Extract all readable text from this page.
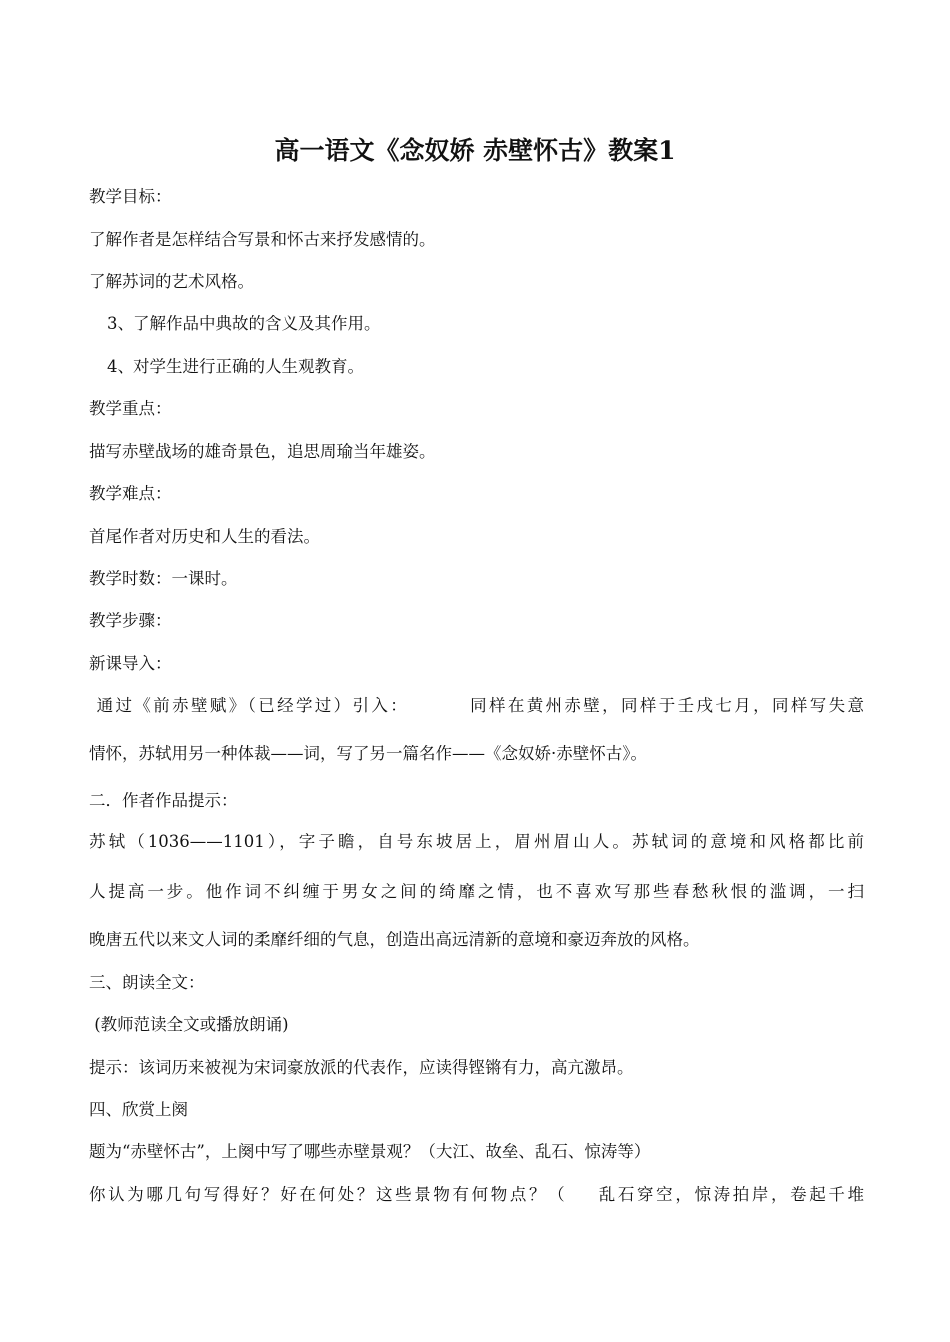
高一语文《念奴娇 赤壁怀古》教案1
教学目标：
了解作者是怎样结合写景和怀古来抒发感情的。
了解苏词的艺术风格。
3、了解作品中典故的含义及其作用。
4、对学生进行正确的人生观教育。
教学重点：
描写赤壁战场的雄奇景色，追思周瑜当年雄姿。
教学难点：
首尾作者对历史和人生的看法。
教学时数：一课时。
教学步骤：
新课导入：
通过《前赤壁赋》（已经学过）引入：        同样在黄州赤壁，同样于壬戌七月，同样写失意
情怀，苏轼用另一种体裁——词，写了另一篇名作——《念奴娇·赤壁怀古》。
二．作者作品提示：
苏轼（1036——1101），字子瞻，自号东坡居上，眉州眉山人。苏轼词的意境和风格都比前
人提高一步。他作词不纠缠于男女之间的绮靡之情，也不喜欢写那些春愁秋恨的滥调，一扫
晚唐五代以来文人词的柔靡纤细的气息，创造出高远清新的意境和豪迈奔放的风格。
三、朗读全文：
(教师范读全文或播放朗诵)
提示：该词历来被视为宋词豪放派的代表作，应读得铿锵有力，高亢激昂。
四、欣赏上阕
题为“赤壁怀古”，上阕中写了哪些赤壁景观？（大江、故垒、乱石、惊涛等）
你认为哪几句写得好？好在何处？这些景物有何物点？（    乱石穿空，惊涛拍岸，卷起千堆
